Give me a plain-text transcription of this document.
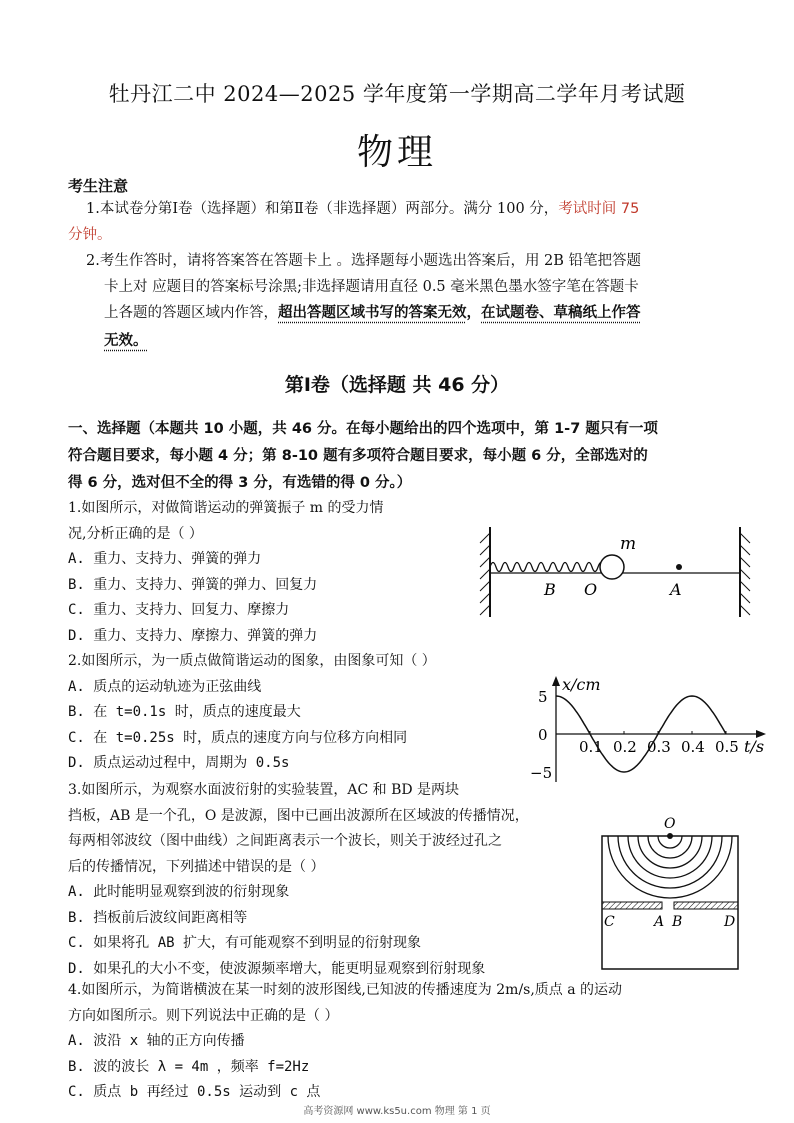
牡丹江二中 2024—2025 学年度第一学期高二学年月考试题
物理
考生注意
1.本试卷分第Ⅰ卷（选择题）和第Ⅱ卷（非选择题）两部分。满分 100 分，考试时间 75
分钟。
2.考生作答时，请将答案答在答题卡上 。选择题每小题选出答案后，用 2B 铅笔把答题
卡上对 应题目的答案标号涂黑;非选择题请用直径 0.5 毫米黑色墨水签字笔在答题卡
上各题的答题区域内作答，超出答题区域书写的答案无效，在试题卷、草稿纸上作答
无效。
第Ⅰ卷（选择题 共 46 分）
一、选择题（本题共 10 小题，共 46 分。在每小题给出的四个选项中，第 1-7 题只有一项
符合题目要求，每小题 4 分；第 8-10 题有多项符合题目要求，每小题 6 分，全部选对的
得 6 分，选对但不全的得 3 分，有选错的得 0 分。）
1.如图所示，对做简谐运动的弹簧振子 m 的受力情
况,分析正确的是（ ）
A. 重力、支持力、弹簧的弹力
B. 重力、支持力、弹簧的弹力、回复力
C. 重力、支持力、回复力、摩擦力
D. 重力、支持力、摩擦力、弹簧的弹力
m
B O	A
2.如图所示，为一质点做简谐运动的图象，由图象可知（ ）
A. 质点的运动轨迹为正弦曲线
B. 在 t=0.1s 时，质点的速度最大
C. 在 t=0.25s 时，质点的速度方向与位移方向相同
D. 质点运动过程中，周期为 0.5s
x/cm
t/s
0.1 0.2 0.3 0.4 0.5
5
0
−5
3.如图所示，为观察水面波衍射的实验装置，AC 和 BD 是两块
挡板，AB 是一个孔，O 是波源，图中已画出波源所在区域波的传播情况，
每两相邻波纹（图中曲线）之间距离表示一个波长，则关于波经过孔之
后的传播情况，下列描述中错误的是（ ）
A. 此时能明显观察到波的衍射现象
B. 挡板前后波纹间距离相等
C. 如果将孔 AB 扩大，有可能观察不到明显的衍射现象
D. 如果孔的大小不变，使波源频率增大，能更明显观察到衍射现象
O
C	A B	D
4.如图所示，为简谐横波在某一时刻的波形图线,已知波的传播速度为 2m/s,质点 a 的运动
方向如图所示。则下列说法中正确的是（ ）
A. 波沿 x 轴的正方向传播
B. 波的波长 λ = 4m ，频率 f=2Hz
C. 质点 b 再经过 0.5s 运动到 c 点
高考资源网 www.ks5u.com 物理 第 1 页
